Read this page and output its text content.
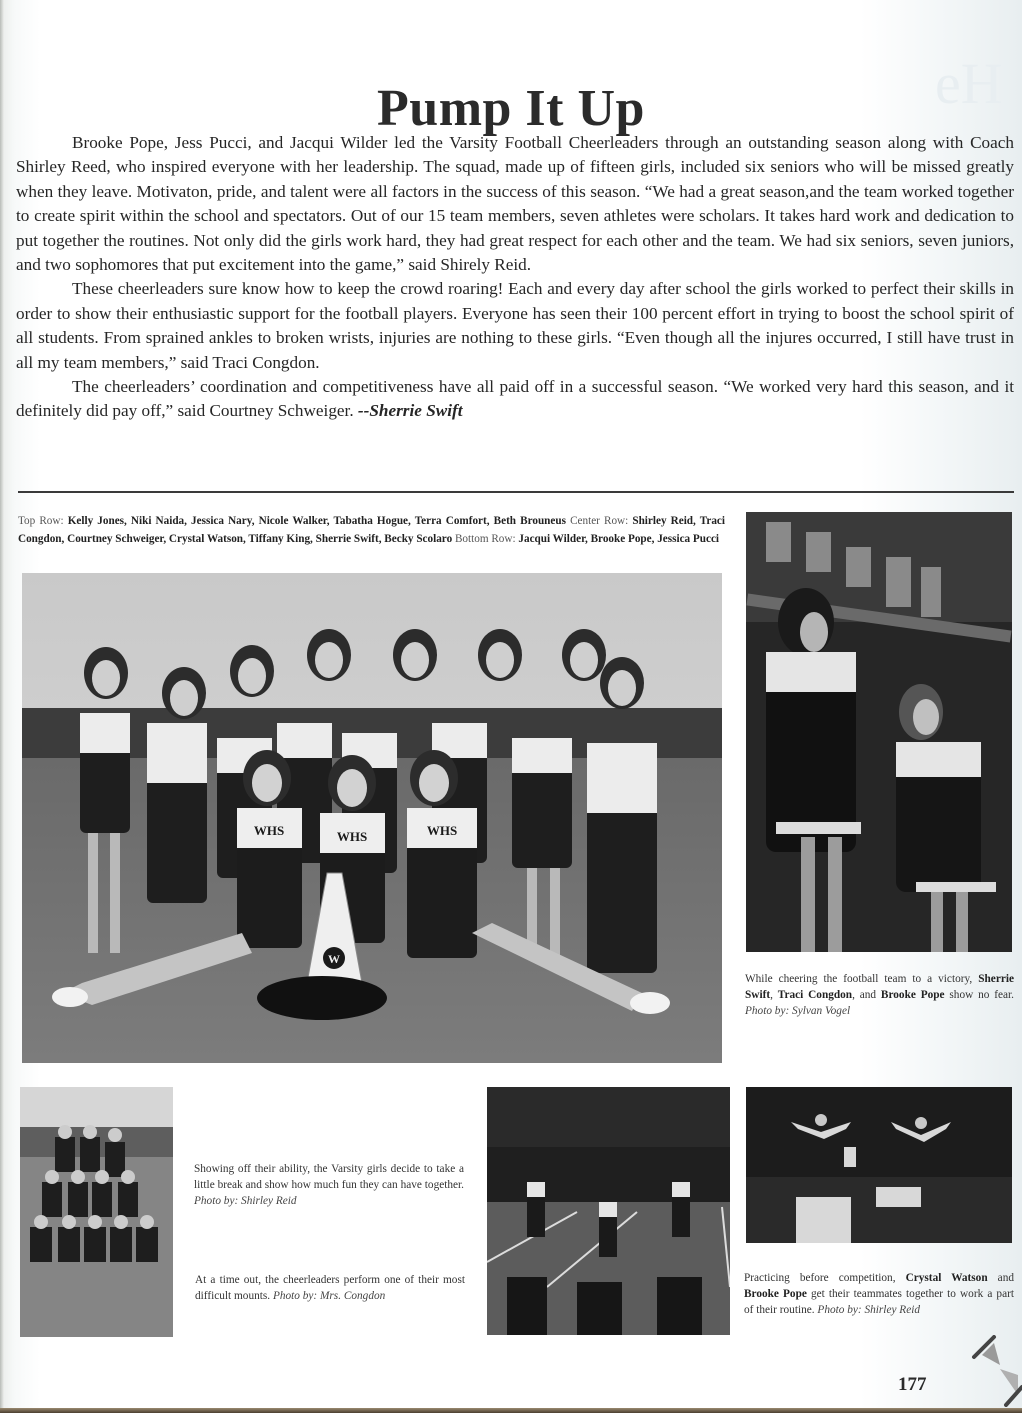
eH
Pump It Up

Brooke Pope, Jess Pucci, and Jacqui Wilder led the Varsity Football Cheerleaders through an outstanding season along with Coach Shirley Reed, who inspired everyone with her leadership. The squad, made up of fifteen girls, included six seniors who will be missed greatly when they leave. Motivaton, pride, and talent were all factors in the success of this season. “We had a great season,and the team worked together to create spirit within the school and spectators. Out of our 15 team members, seven athletes were scholars. It takes hard work and dedication to put together the routines. Not only did the girls work hard, they had great respect for each other and the team. We had six seniors, seven juniors, and two sophomores that put excitement into the game,” said Shirely Reid.

These cheerleaders sure know how to keep the crowd roaring! Each and every day after school the girls worked to perfect their skills in order to show their enthusiastic support for the football players. Everyone has seen their 100 percent effort in trying to boost the school spirit of all students. From sprained ankles to broken wrists, injuries are nothing to these girls. “Even though all the injures occurred, I still have trust in all my team members,” said Traci Congdon.

The cheerleaders’ coordination and competitiveness have all paid off in a successful season. “We worked very hard this season, and it definitely did pay off,” said Courtney Schweiger. --Sherrie Swift

Top Row: Kelly Jones, Niki Naida, Jessica Nary, Nicole Walker, Tabatha Hogue, Terra Comfort, Beth Brouneus Center Row: Shirley Reid, Traci Congdon, Courtney Schweiger, Crystal Watson, Tiffany King, Sherrie Swift, Becky Scolaro Bottom Row: Jacqui Wilder, Brooke Pope, Jessica Pucci
WHS	WHS	WHS
W
While cheering the football team to a victory, Sherrie Swift, Traci Congdon, and Brooke Pope show no fear. Photo by: Sylvan Vogel
Showing off their ability, the Varsity girls decide to take a little break and show how much fun they can have together. Photo by: Shirley Reid
At a time out, the cheerleaders perform one of their most difficult mounts. Photo by: Mrs. Congdon
Practicing before competition, Crystal Watson and Brooke Pope get their teammates together to work a part of their routine. Photo by: Shirley Reid
177
